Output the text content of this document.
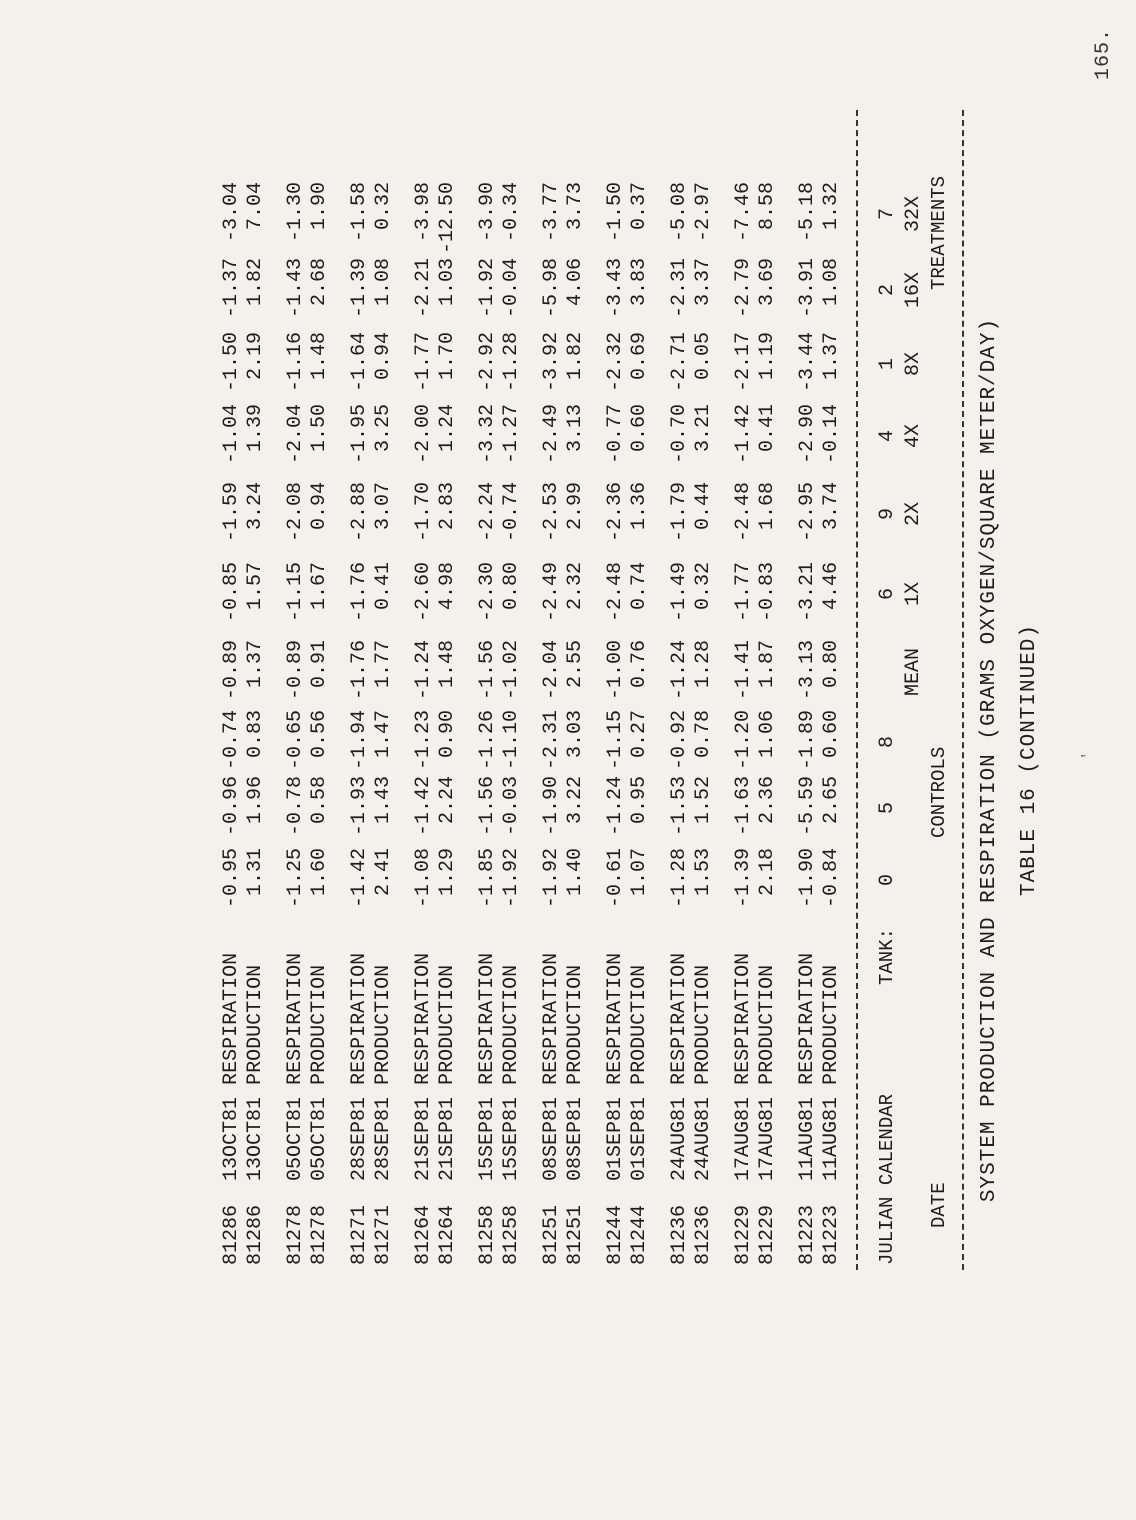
165.
'
TABLE 16 (CONTINUED)
SYSTEM PRODUCTION AND RESPIRATION (GRAMS OXYGEN/SQUARE METER/DAY)
DATE
CONTROLS
TREATMENTS
MEAN
1X
2X
4X
8X
16X
32X
JULIAN CALENDAR
TANK:
0
5
8
6
9
4
1
2
7
81223  11AUG81 PRODUCTION
-0.84
2.65
0.60
0.80
4.46
3.74
-0.14
1.37
1.08
1.32
81223  11AUG81 RESPIRATION
-1.90
-5.59
-1.89
-3.13
-3.21
-2.95
-2.90
-3.44
-3.91
-5.18
81229  17AUG81 PRODUCTION
2.18
2.36
1.06
1.87
-0.83
1.68
0.41
1.19
3.69
8.58
81229  17AUG81 RESPIRATION
-1.39
-1.63
-1.20
-1.41
-1.77
-2.48
-1.42
-2.17
-2.79
-7.46
81236  24AUG81 PRODUCTION
1.53
1.52
0.78
1.28
0.32
0.44
3.21
0.05
3.37
-2.97
81236  24AUG81 RESPIRATION
-1.28
-1.53
-0.92
-1.24
-1.49
-1.79
-0.70
-2.71
-2.31
-5.08
81244  01SEP81 PRODUCTION
1.07
0.95
0.27
0.76
0.74
1.36
0.60
0.69
3.83
0.37
81244  01SEP81 RESPIRATION
-0.61
-1.24
-1.15
-1.00
-2.48
-2.36
-0.77
-2.32
-3.43
-1.50
81251  08SEP81 PRODUCTION
1.40
3.22
3.03
2.55
2.32
2.99
3.13
1.82
4.06
3.73
81251  08SEP81 RESPIRATION
-1.92
-1.90
-2.31
-2.04
-2.49
-2.53
-2.49
-3.92
-5.98
-3.77
81258  15SEP81 PRODUCTION
-1.92
-0.03
-1.10
-1.02
0.80
-0.74
-1.27
-1.28
-0.04
-0.34
81258  15SEP81 RESPIRATION
-1.85
-1.56
-1.26
-1.56
-2.30
-2.24
-3.32
-2.92
-1.92
-3.90
81264  21SEP81 PRODUCTION
1.29
2.24
0.90
1.48
4.98
2.83
1.24
1.70
1.03
-12.50
81264  21SEP81 RESPIRATION
-1.08
-1.42
-1.23
-1.24
-2.60
-1.70
-2.00
-1.77
-2.21
-3.98
81271  28SEP81 PRODUCTION
2.41
1.43
1.47
1.77
0.41
3.07
3.25
0.94
1.08
0.32
81271  28SEP81 RESPIRATION
-1.42
-1.93
-1.94
-1.76
-1.76
-2.88
-1.95
-1.64
-1.39
-1.58
81278  05OCT81 PRODUCTION
1.60
0.58
0.56
0.91
1.67
0.94
1.50
1.48
2.68
1.90
81278  05OCT81 RESPIRATION
-1.25
-0.78
-0.65
-0.89
-1.15
-2.08
-2.04
-1.16
-1.43
-1.30
81286  13OCT81 PRODUCTION
1.31
1.96
0.83
1.37
1.57
3.24
1.39
2.19
1.82
7.04
81286  13OCT81 RESPIRATION
-0.95
-0.96
-0.74
-0.89
-0.85
-1.59
-1.04
-1.50
-1.37
-3.04
